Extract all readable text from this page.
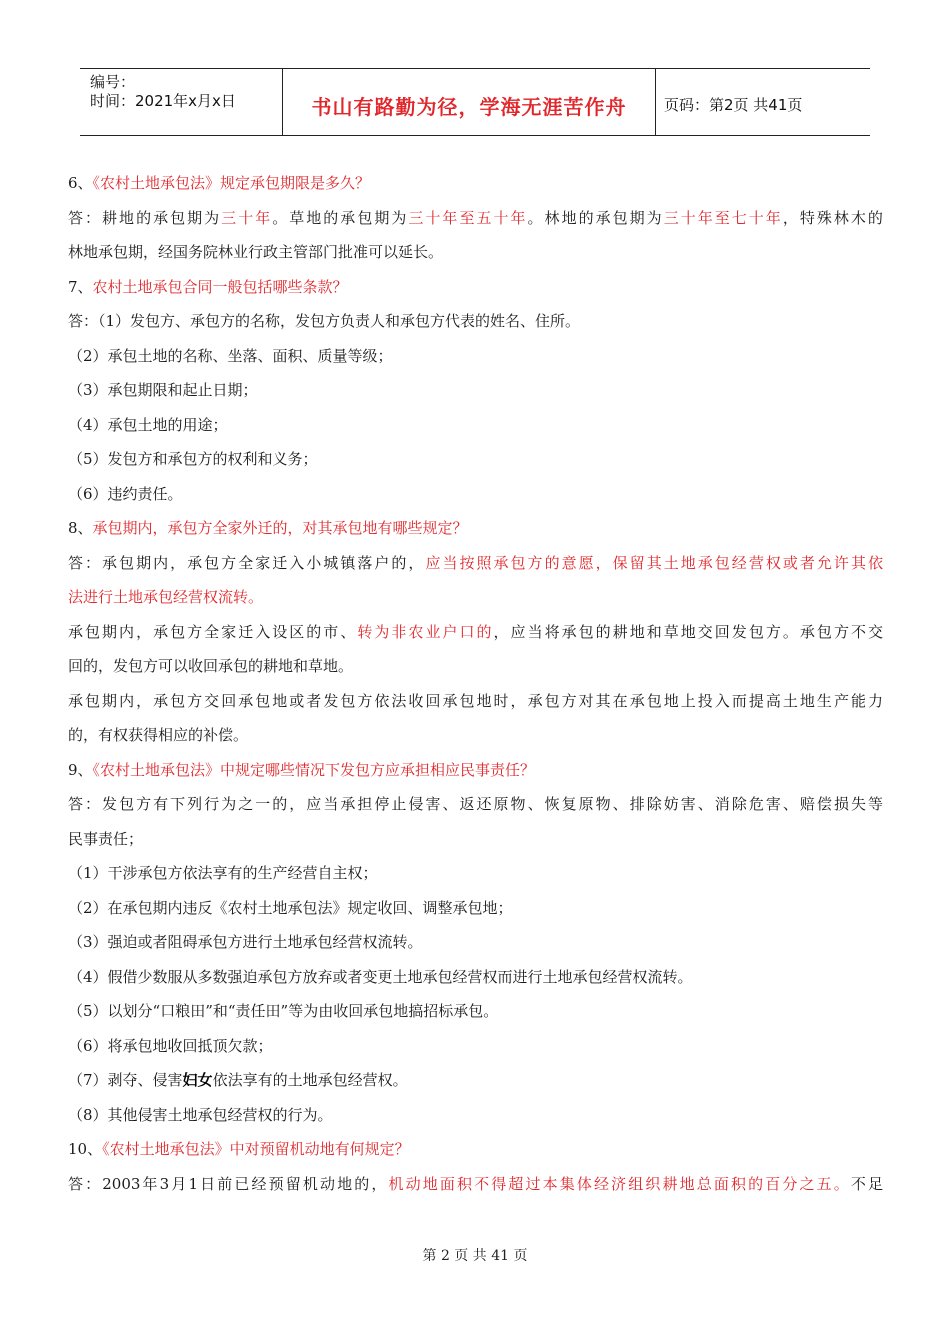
编号：
时间：2021年x月x日	书山有路勤为径，学海无涯苦作舟	页码：第2页 共41页
6、《农村土地承包法》规定承包期限是多久？
答：耕地的承包期为三十年。草地的承包期为三十年至五十年。林地的承包期为三十年至七十年，特殊林木的
林地承包期，经国务院林业行政主管部门批准可以延长。
7、农村土地承包合同一般包括哪些条款？
答：（1）发包方、承包方的名称，发包方负责人和承包方代表的姓名、住所。
（2）承包土地的名称、坐落、面积、质量等级；
（3）承包期限和起止日期；
（4）承包土地的用途；
（5）发包方和承包方的权利和义务；
（6）违约责任。
8、承包期内，承包方全家外迁的，对其承包地有哪些规定？
答：承包期内，承包方全家迁入小城镇落户的，应当按照承包方的意愿，保留其土地承包经营权或者允许其依
法进行土地承包经营权流转。
承包期内，承包方全家迁入设区的市、转为非农业户口的，应当将承包的耕地和草地交回发包方。承包方不交
回的，发包方可以收回承包的耕地和草地。
承包期内，承包方交回承包地或者发包方依法收回承包地时，承包方对其在承包地上投入而提高土地生产能力
的，有权获得相应的补偿。
9、《农村土地承包法》中规定哪些情况下发包方应承担相应民事责任？
答：发包方有下列行为之一的，应当承担停止侵害、返还原物、恢复原物、排除妨害、消除危害、赔偿损失等
民事责任；
（1）干涉承包方依法享有的生产经营自主权；
（2）在承包期内违反《农村土地承包法》规定收回、调整承包地；
（3）强迫或者阻碍承包方进行土地承包经营权流转。
（4）假借少数服从多数强迫承包方放弃或者变更土地承包经营权而进行土地承包经营权流转。
（5）以划分“口粮田”和“责任田”等为由收回承包地搞招标承包。
（6）将承包地收回抵顶欠款；
（7）剥夺、侵害妇女依法享有的土地承包经营权。
（8）其他侵害土地承包经营权的行为。
10、《农村土地承包法》中对预留机动地有何规定？
答：2003年3月1日前已经预留机动地的，机动地面积不得超过本集体经济组织耕地总面积的百分之五。不足
第 2 页 共 41 页
